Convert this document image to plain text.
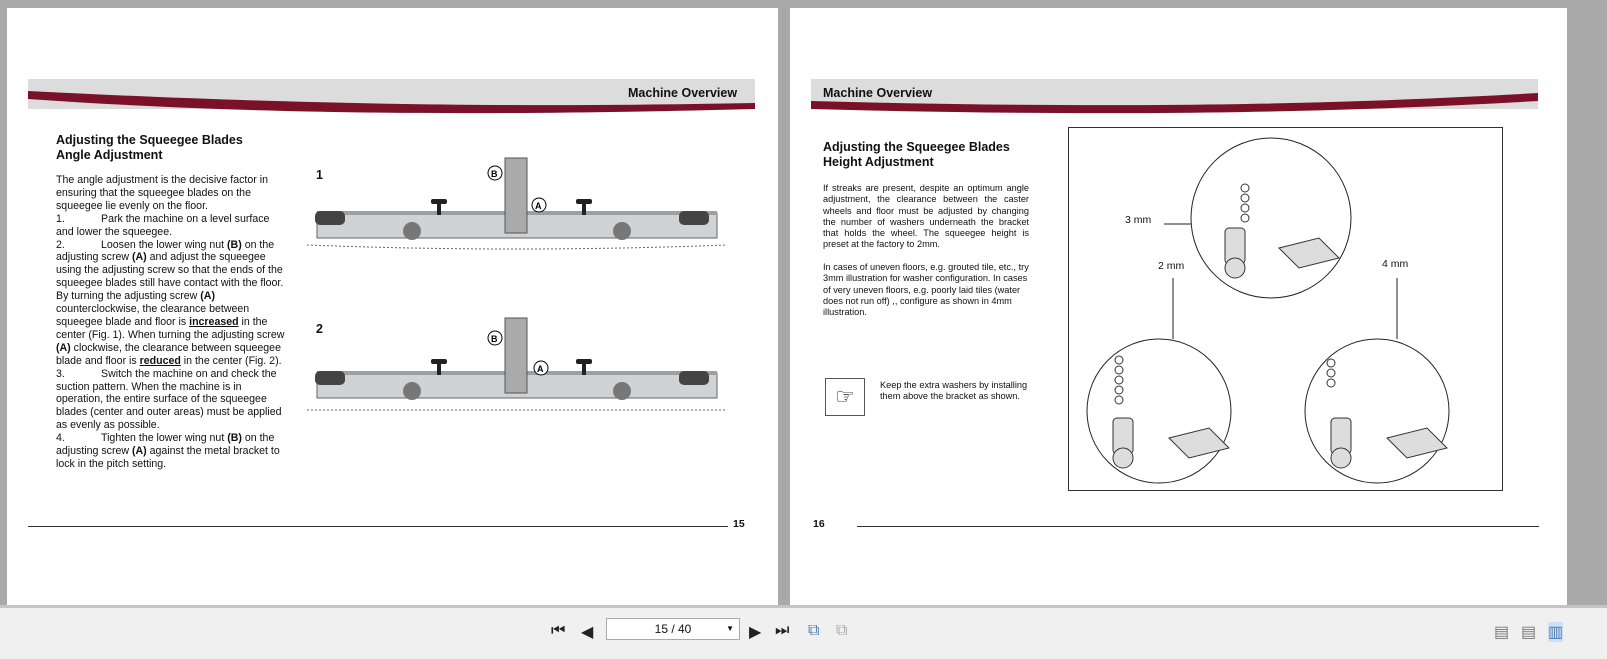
Machine Overview
Adjusting the Squeegee Blades
Angle Adjustment

The angle adjustment is the decisive factor in ensuring that the squeegee blades on the squeegee lie evenly on the floor.

1.	Park the machine on a level surface and lower the squeegee.

2.	Loosen the lower wing nut (B) on the adjusting screw (A) and adjust the squeegee using the adjusting screw so that the ends of the squeegee blades still have contact with the floor. By turning the adjusting screw (A) counterclockwise, the clearance between squeegee blade and floor is increased in the center (Fig. 1). When turning the adjusting screw (A) clockwise, the clearance between squeegee blade and floor is reduced in the center (Fig. 2).

3.	Switch the machine on and check the suction pattern. When the machine is in operation, the entire surface of the squeegee blades (center and outer areas) must be applied as evenly as possible.

4.	Tighten the lower wing nut (B) on the adjusting screw (A) against the metal bracket to lock in the pitch setting.

1
2
B
A
B
A
15
Machine Overview
Adjusting the Squeegee Blades
Height Adjustment

If streaks are present, despite an optimum angle adjustment, the clearance between the caster wheels and floor must be adjusted by changing the number of washers underneath the bracket that holds the wheel. The squeegee height is preset at the factory to 2mm.

In cases of uneven floors, e.g. grouted tile, etc., try 3mm illustration for washer configuration. In cases of very uneven floors, e.g. poorly laid tiles (water does not run off) ,, configure as shown in 4mm illustration.

☞	Keep the extra washers by installing them above the bracket as shown.
3 mm
2 mm	4 mm
16
⏮ ◀	15 / 40	▼ ▶ ⏭ ⧉ ⧉	▤ ▤ ▥
